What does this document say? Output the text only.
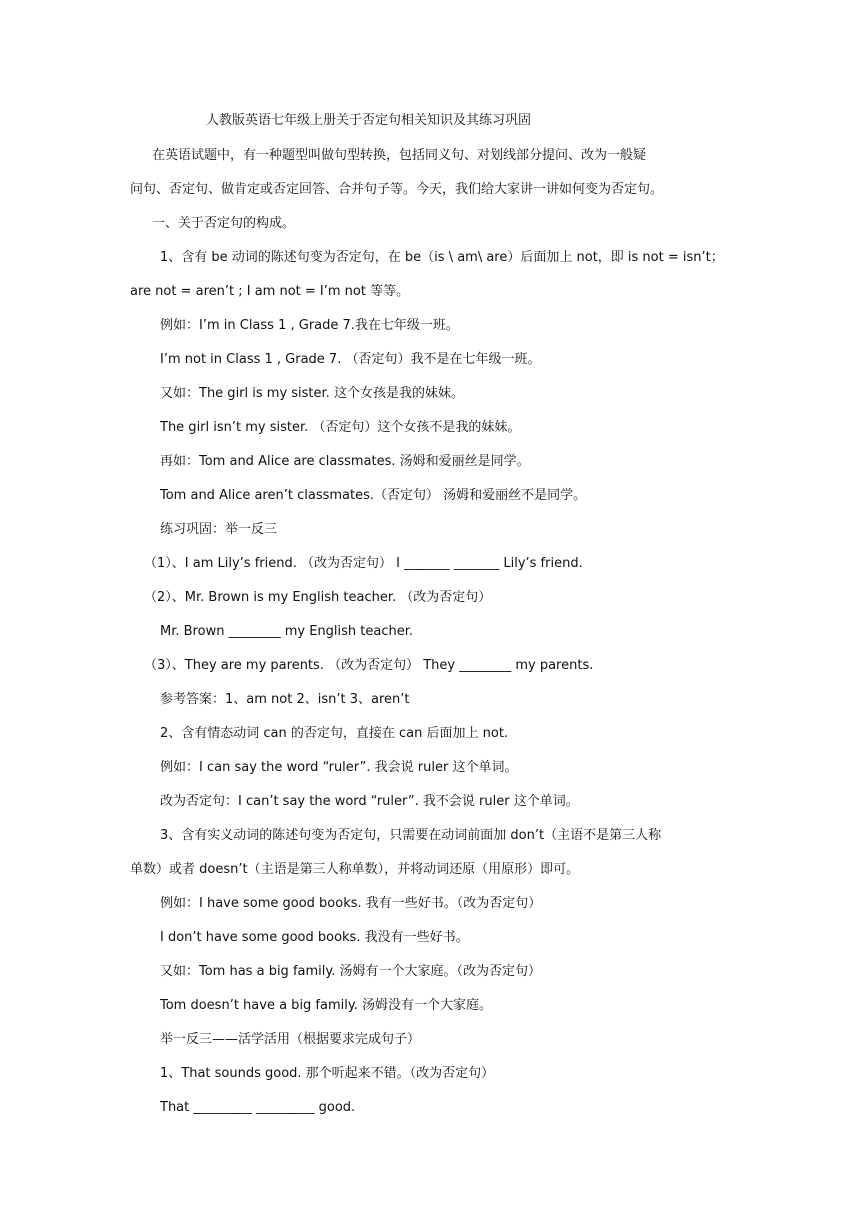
人教版英语七年级上册关于否定句相关知识及其练习巩固
在英语试题中，有一种题型叫做句型转换，包括同义句、对划线部分提问、改为一般疑
问句、否定句、做肯定或否定回答、合并句子等。今天，我们给大家讲一讲如何变为否定句。
一、关于否定句的构成。
1、含有 be 动词的陈述句变为否定句，在 be（is \ am\ are）后面加上 not，即 is not = isn’t；
are not = aren’t ; I am not = I’m not 等等。
例如：I’m in Class 1 , Grade 7.我在七年级一班。
I’m not in Class 1 , Grade 7. （否定句）我不是在七年级一班。
又如：The girl is my sister. 这个女孩是我的妹妹。
The girl isn’t my sister. （否定句）这个女孩不是我的妹妹。
再如：Tom and Alice are classmates. 汤姆和爱丽丝是同学。
Tom and Alice aren’t classmates.（否定句） 汤姆和爱丽丝不是同学。
练习巩固：举一反三
（1）、I am Lily’s friend. （改为否定句） I _______ _______ Lily’s friend.
（2）、Mr. Brown is my English teacher. （改为否定句）
Mr. Brown ________ my English teacher.
（3）、They are my parents. （改为否定句） They ________ my parents.
参考答案：1、am not 2、isn’t 3、aren’t
2、含有情态动词 can 的否定句，直接在 can 后面加上 not.
例如：I can say the word “ruler”. 我会说 ruler 这个单词。
改为否定句：I can’t say the word “ruler”. 我不会说 ruler 这个单词。
3、含有实义动词的陈述句变为否定句，只需要在动词前面加 don’t（主语不是第三人称
单数）或者 doesn’t（主语是第三人称单数），并将动词还原（用原形）即可。
例如：I have some good books. 我有一些好书。（改为否定句）
I don’t have some good books. 我没有一些好书。
又如：Tom has a big family. 汤姆有一个大家庭。（改为否定句）
Tom doesn’t have a big family. 汤姆没有一个大家庭。
举一反三——活学活用（根据要求完成句子）
1、That sounds good. 那个听起来不错。（改为否定句）
That _________ _________ good.
